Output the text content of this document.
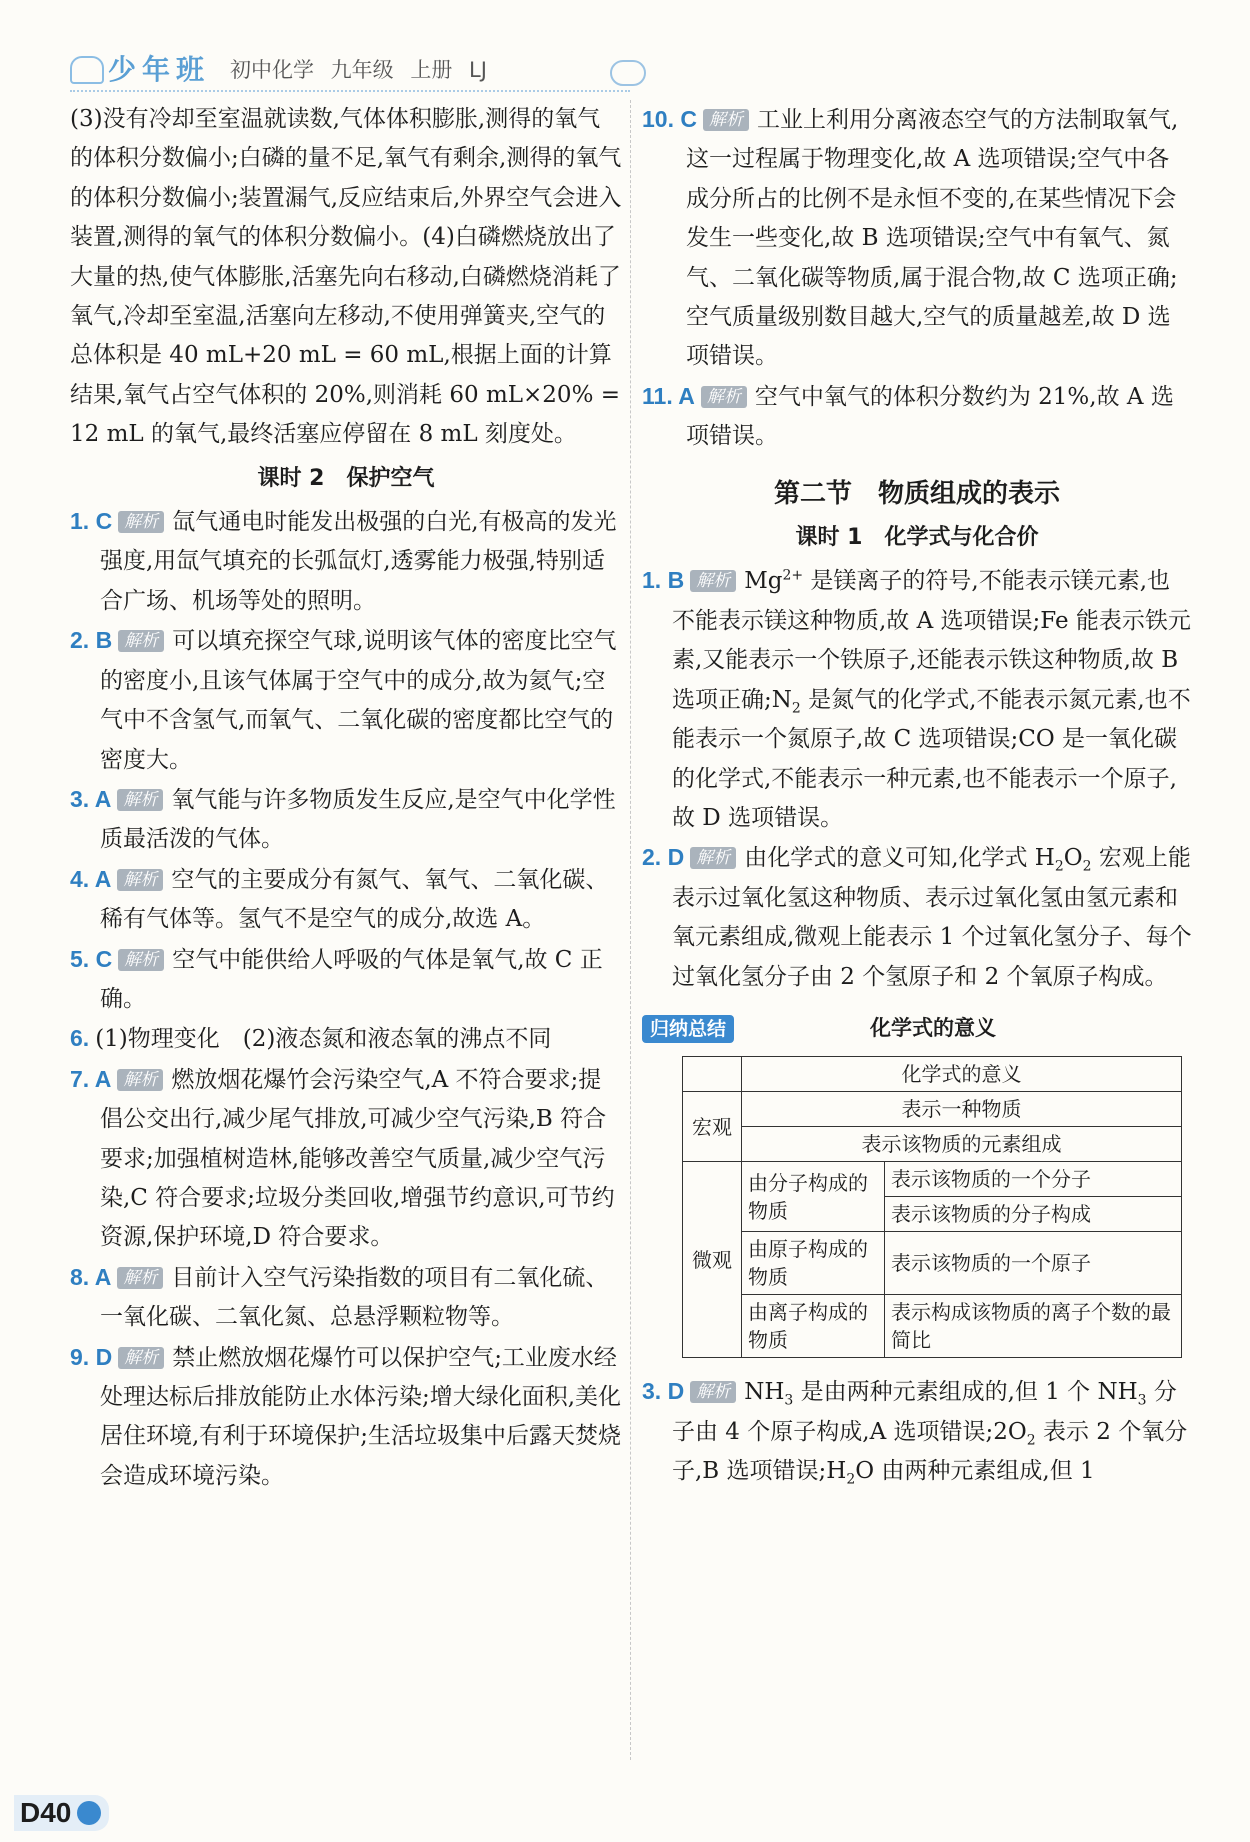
少年班 初中化学 九年级 上册 LJ

(3)没有冷却至室温就读数,气体体积膨胀,测得的氧气的体积分数偏小;白磷的量不足,氧气有剩余,测得的氧气的体积分数偏小;装置漏气,反应结束后,外界空气会进入装置,测得的氧气的体积分数偏小。(4)白磷燃烧放出了大量的热,使气体膨胀,活塞先向右移动,白磷燃烧消耗了氧气,冷却至室温,活塞向左移动,不使用弹簧夹,空气的总体积是 40 mL+20 mL = 60 mL,根据上面的计算结果,氧气占空气体积的 20%,则消耗 60 mL×20% = 12 mL 的氧气,最终活塞应停留在 8 mL 刻度处。

课时 2　保护空气

1. C 解析 氙气通电时能发出极强的白光,有极高的发光强度,用氙气填充的长弧氙灯,透雾能力极强,特别适合广场、机场等处的照明。

2. B 解析 可以填充探空气球,说明该气体的密度比空气的密度小,且该气体属于空气中的成分,故为氦气;空气中不含氢气,而氧气、二氧化碳的密度都比空气的密度大。

3. A 解析 氧气能与许多物质发生反应,是空气中化学性质最活泼的气体。

4. A 解析 空气的主要成分有氮气、氧气、二氧化碳、稀有气体等。氢气不是空气的成分,故选 A。

5. C 解析 空气中能供给人呼吸的气体是氧气,故 C 正确。

6. (1)物理变化　(2)液态氮和液态氧的沸点不同

7. A 解析 燃放烟花爆竹会污染空气,A 不符合要求;提倡公交出行,减少尾气排放,可减少空气污染,B 符合要求;加强植树造林,能够改善空气质量,减少空气污染,C 符合要求;垃圾分类回收,增强节约意识,可节约资源,保护环境,D 符合要求。

8. A 解析 目前计入空气污染指数的项目有二氧化硫、一氧化碳、二氧化氮、总悬浮颗粒物等。

9. D 解析 禁止燃放烟花爆竹可以保护空气;工业废水经处理达标后排放能防止水体污染;增大绿化面积,美化居住环境,有利于环境保护;生活垃圾集中后露天焚烧会造成环境污染。

10. C 解析 工业上利用分离液态空气的方法制取氧气,这一过程属于物理变化,故 A 选项错误;空气中各成分所占的比例不是永恒不变的,在某些情况下会发生一些变化,故 B 选项错误;空气中有氧气、氮气、二氧化碳等物质,属于混合物,故 C 选项正确;空气质量级别数目越大,空气的质量越差,故 D 选项错误。

11. A 解析 空气中氧气的体积分数约为 21%,故 A 选项错误。

第二节　物质组成的表示
课时 1　化学式与化合价

1. B 解析 $Mg^{2+}$ 是镁离子的符号,不能表示镁元素,也不能表示镁这种物质,故 A 选项错误;Fe 能表示铁元素,又能表示一个铁原子,还能表示铁这种物质,故 B 选项正确$;N_2$ 是氮气的化学式,不能表示氮元素,也不能表示一个氮原子,故 C 选项错误;CO 是一氧化碳的化学式,不能表示一种元素,也不能表示一个原子,故 D 选项错误。

2. D 解析 由化学式的意义可知,化学式 $H_2O_2$ 宏观上能表示过氧化氢这种物质、表示过氧化氢由氢元素和氧元素组成,微观上能表示 1 个过氧化氢分子、每个过氧化氢分子由 2 个氢原子和 2 个氧原子构成。

归纳总结	化学式的意义
	化学式的意义	
宏观	表示一种物质	
	表示该物质的元素组成	
微观	由分子构成的物质	表示该物质的一个分子
		表示该物质的分子构成
	由原子构成的物质	表示该物质的一个原子
	由离子构成的物质	表示构成该物质的离子个数的最简比

3. D 解析 $NH_3$ 是由两种元素组成的,但 1 个 $NH_3$ 分子由 4 个原子构成,A 选项错误$;2O_2$ 表示 2 个氧分子,B 选项错误$;H_2O$ 由两种元素组成,但 1

D40
